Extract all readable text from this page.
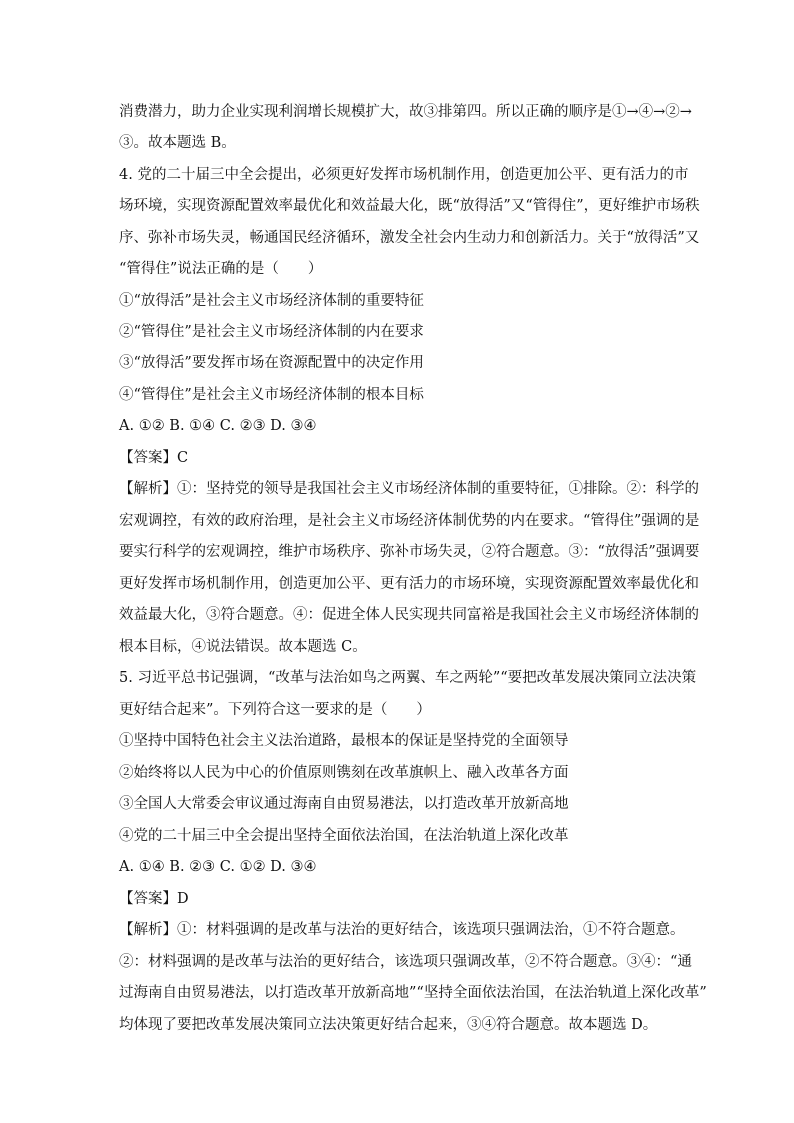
消费潜力，助力企业实现利润增长规模扩大，故③排第四。所以正确的顺序是①→④→②→
③。故本题选 B。
4. 党的二十届三中全会提出，必须更好发挥市场机制作用，创造更加公平、更有活力的市
场环境，实现资源配置效率最优化和效益最大化，既“放得活”又“管得住”，更好维护市场秩
序、弥补市场失灵，畅通国民经济循环，激发全社会内生动力和创新活力。关于“放得活”又
“管得住”说法正确的是（　　）
①“放得活”是社会主义市场经济体制的重要特征
②“管得住”是社会主义市场经济体制的内在要求
③“放得活”要发挥市场在资源配置中的决定作用
④“管得住”是社会主义市场经济体制的根本目标
A. ①② B. ①④ C. ②③ D. ③④
【答案】C
【解析】①：坚持党的领导是我国社会主义市场经济体制的重要特征，①排除。②：科学的
宏观调控，有效的政府治理，是社会主义市场经济体制优势的内在要求。“管得住”强调的是
要实行科学的宏观调控，维护市场秩序、弥补市场失灵，②符合题意。③：“放得活”强调要
更好发挥市场机制作用，创造更加公平、更有活力的市场环境，实现资源配置效率最优化和
效益最大化，③符合题意。④：促进全体人民实现共同富裕是我国社会主义市场经济体制的
根本目标，④说法错误。故本题选 C。
5. 习近平总书记强调，“改革与法治如鸟之两翼、车之两轮”“要把改革发展决策同立法决策
更好结合起来”。下列符合这一要求的是（　　）
①坚持中国特色社会主义法治道路，最根本的保证是坚持党的全面领导
②始终将以人民为中心的价值原则镌刻在改革旗帜上、融入改革各方面
③全国人大常委会审议通过海南自由贸易港法，以打造改革开放新高地
④党的二十届三中全会提出坚持全面依法治国，在法治轨道上深化改革
A. ①④ B. ②③ C. ①② D. ③④
【答案】D
【解析】①：材料强调的是改革与法治的更好结合，该选项只强调法治，①不符合题意。
②：材料强调的是改革与法治的更好结合，该选项只强调改革，②不符合题意。③④：“通
过海南自由贸易港法，以打造改革开放新高地”“坚持全面依法治国，在法治轨道上深化改革”
均体现了要把改革发展决策同立法决策更好结合起来，③④符合题意。故本题选 D。
